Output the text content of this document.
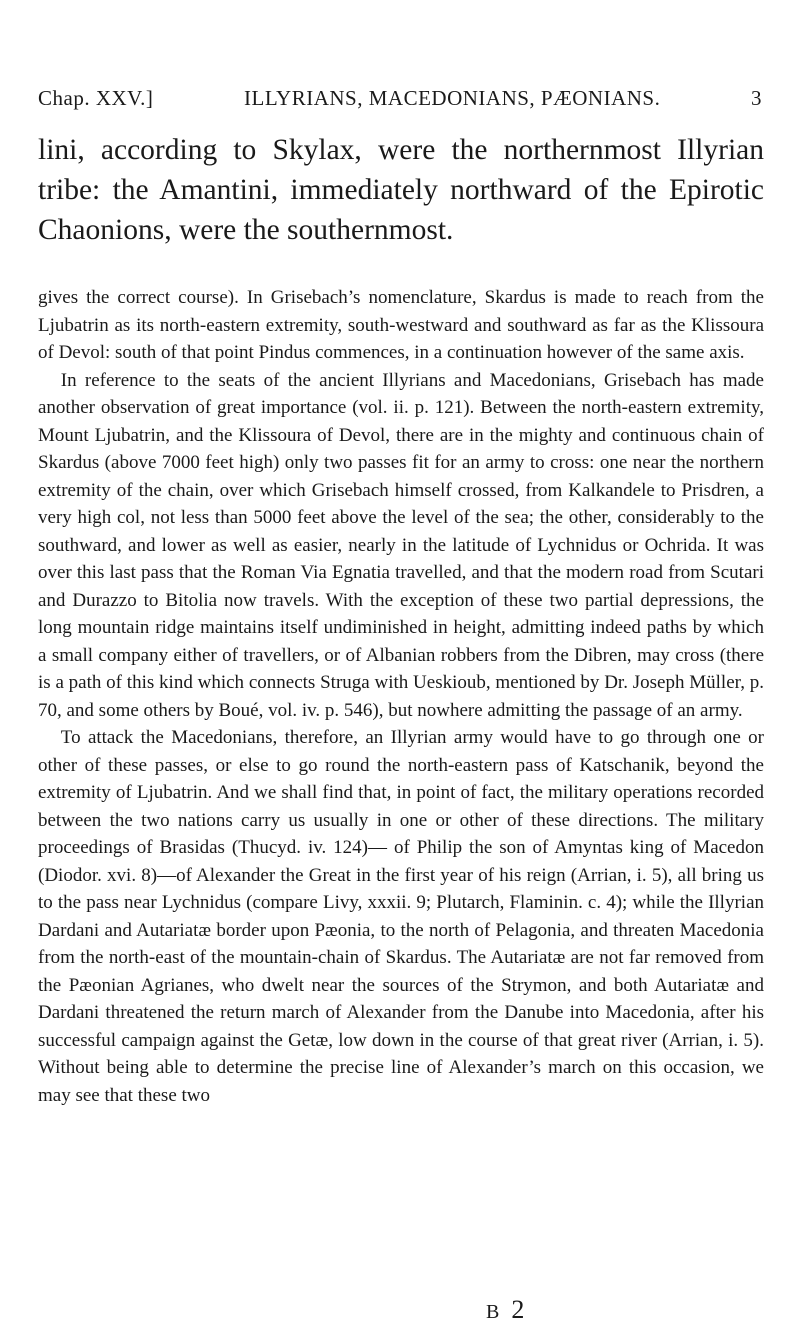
Chap. XXV.]	ILLYRIANS, MACEDONIANS, PÆONIANS.	3
lini, according to Skylax, were the northernmost Illyrian tribe: the Amantini, immediately northward of the Epirotic Chaonions, were the southernmost.

gives the correct course). In Grisebach’s nomenclature, Skardus is made to reach from the Ljubatrin as its north-eastern extremity, south-westward and southward as far as the Klissoura of Devol: south of that point Pindus commences, in a continuation however of the same axis.

In reference to the seats of the ancient Illyrians and Macedonians, Grisebach has made another observation of great importance (vol. ii. p. 121). Between the north-eastern extremity, Mount Ljubatrin, and the Klissoura of Devol, there are in the mighty and continuous chain of Skardus (above 7000 feet high) only two passes fit for an army to cross: one near the northern extremity of the chain, over which Grisebach himself crossed, from Kalkandele to Prisdren, a very high col, not less than 5000 feet above the level of the sea; the other, considerably to the southward, and lower as well as easier, nearly in the latitude of Lychnidus or Ochrida. It was over this last pass that the Roman Via Egnatia travelled, and that the modern road from Scutari and Durazzo to Bitolia now travels. With the exception of these two partial depressions, the long mountain ridge maintains itself undiminished in height, admitting indeed paths by which a small company either of travellers, or of Albanian robbers from the Dibren, may cross (there is a path of this kind which connects Struga with Ueskioub, mentioned by Dr. Joseph Müller, p. 70, and some others by Boué, vol. iv. p. 546), but nowhere admitting the passage of an army.

To attack the Macedonians, therefore, an Illyrian army would have to go through one or other of these passes, or else to go round the north-eastern pass of Katschanik, beyond the extremity of Ljubatrin. And we shall find that, in point of fact, the military operations recorded between the two nations carry us usually in one or other of these directions. The military proceedings of Brasidas (Thucyd. iv. 124)— of Philip the son of Amyntas king of Macedon (Diodor. xvi. 8)—of Alexander the Great in the first year of his reign (Arrian, i. 5), all bring us to the pass near Lychnidus (compare Livy, xxxii. 9; Plutarch, Flaminin. c. 4); while the Illyrian Dardani and Autariatæ border upon Pæonia, to the north of Pelagonia, and threaten Macedonia from the north-east of the mountain-chain of Skardus. The Autariatæ are not far removed from the Pæonian Agrianes, who dwelt near the sources of the Strymon, and both Autariatæ and Dardani threatened the return march of Alexander from the Danube into Macedonia, after his successful campaign against the Getæ, low down in the course of that great river (Arrian, i. 5). Without being able to determine the precise line of Alexander’s march on this occasion, we may see that these two

B 2
